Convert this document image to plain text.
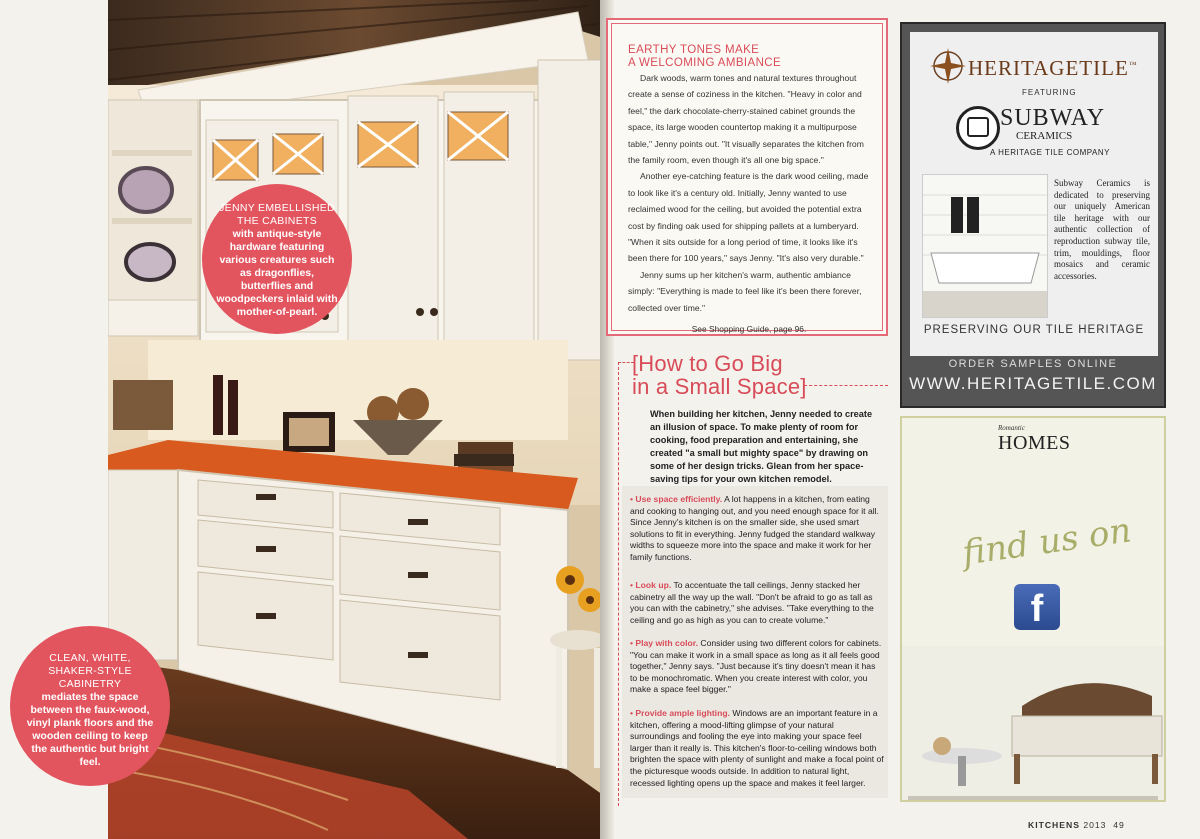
JENNY EMBELLISHED THE CABINETS
with antique-style hardware featuring various creatures such as dragonflies, butterflies and woodpeckers inlaid with mother-of-pearl.
CLEAN, WHITE, SHAKER-STYLE CABINETRY
mediates the space between the faux-wood, vinyl plank floors and the wooden ceiling to keep the authentic but bright feel.
EARTHY TONES MAKE
A WELCOMING AMBIANCE

Dark woods, warm tones and natural textures throughout create a sense of coziness in the kitchen. "Heavy in color and feel," the dark chocolate-cherry-stained cabinet grounds the space, its large wooden countertop making it a multipurpose table," Jenny points out. "It visually separates the kitchen from the family room, even though it's all one big space."

Another eye-catching feature is the dark wood ceiling, made to look like it's a century old. Initially, Jenny wanted to use reclaimed wood for the ceiling, but avoided the potential extra cost by finding oak used for shipping pallets at a lumberyard. "When it sits outside for a long period of time, it looks like it's been there for 100 years," says Jenny. "It's also very durable."

Jenny sums up her kitchen's warm, authentic ambiance simply: "Everything is made to feel like it's been there forever, collected over time."

See Shopping Guide, page 96.
[How to Go Big
in a Small Space]
When building her kitchen, Jenny needed to create an illusion of space. To make plenty of room for cooking, food preparation and entertaining, she created "a small but mighty space" by drawing on some of her design tricks. Glean from her space-saving tips for your own kitchen remodel.
• Use space efficiently. A lot happens in a kitchen, from eating and cooking to hanging out, and you need enough space for it all. Since Jenny's kitchen is on the smaller side, she used smart solutions to fit in everything. Jenny fudged the standard walkway widths to squeeze more into the space and make it work for her family functions.
• Look up. To accentuate the tall ceilings, Jenny stacked her cabinetry all the way up the wall. "Don't be afraid to go as tall as you can with the cabinetry," she advises. "Take everything to the ceiling and go as high as you can to create volume."
• Play with color. Consider using two different colors for cabinets. "You can make it work in a small space as long as it all feels good together," Jenny says. "Just because it's tiny doesn't mean it has to be monochromatic. When you create interest with color, you make a space feel bigger."
• Provide ample lighting. Windows are an important feature in a kitchen, offering a mood-lifting glimpse of your natural surroundings and fooling the eye into making your space feel larger than it really is. This kitchen's floor-to-ceiling windows both brighten the space with plenty of sunlight and make a focal point of the picturesque woods outside. In addition to natural light, recessed lighting opens up the space and makes it feel larger.
HERITAGETILE™
FEATURING
SUBWAY
CERAMICS
A HERITAGE TILE COMPANY
Subway Ceramics is dedicated to preserving our uniquely American tile heritage with our authentic collection of reproduction subway tile, trim, mouldings, floor mosaics and ceramic accessories.
PRESERVING OUR TILE HERITAGE
ORDER SAMPLES ONLINE
WWW.HERITAGETILE.COM
Romantic
HOMES
find us on
f
KITCHENS 2013 49
